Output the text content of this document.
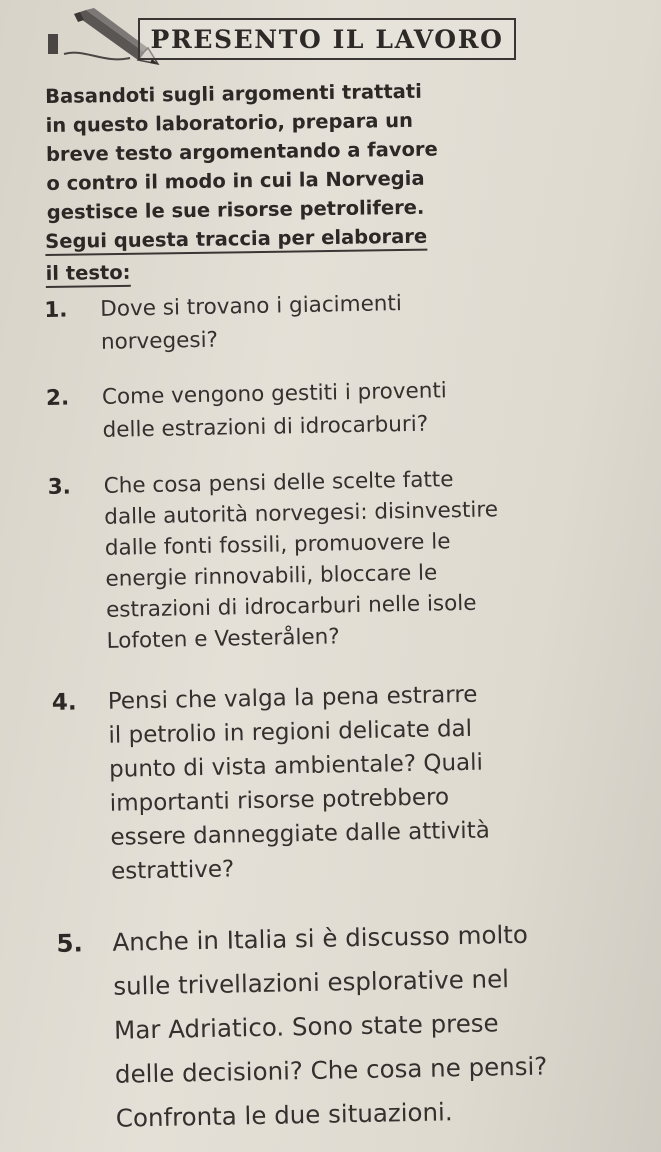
PRESENTO IL LAVORO

Basandoti sugli argomenti trattati

in questo laboratorio, prepara un

breve testo argomentando a favore

o contro il modo in cui la Norvegia

gestisce le sue risorse petrolifere.

Segui questa traccia per elaborare
il testo:
1. Dove si trovano i giacimenti
norvegesi?
2. Come vengono gestiti i proventi
delle estrazioni di idrocarburi?
3. Che cosa pensi delle scelte fatte
dalle autorità norvegesi: disinvestire
dalle fonti fossili, promuovere le
energie rinnovabili, bloccare le
estrazioni di idrocarburi nelle isole
Lofoten e Vesterålen?
4. Pensi che valga la pena estrarre
il petrolio in regioni delicate dal
punto di vista ambientale? Quali
importanti risorse potrebbero
essere danneggiate dalle attività
estrattive?
5. Anche in Italia si è discusso molto
sulle trivellazioni esplorative nel
Mar Adriatico. Sono state prese
delle decisioni? Che cosa ne pensi?
Confronta le due situazioni.
